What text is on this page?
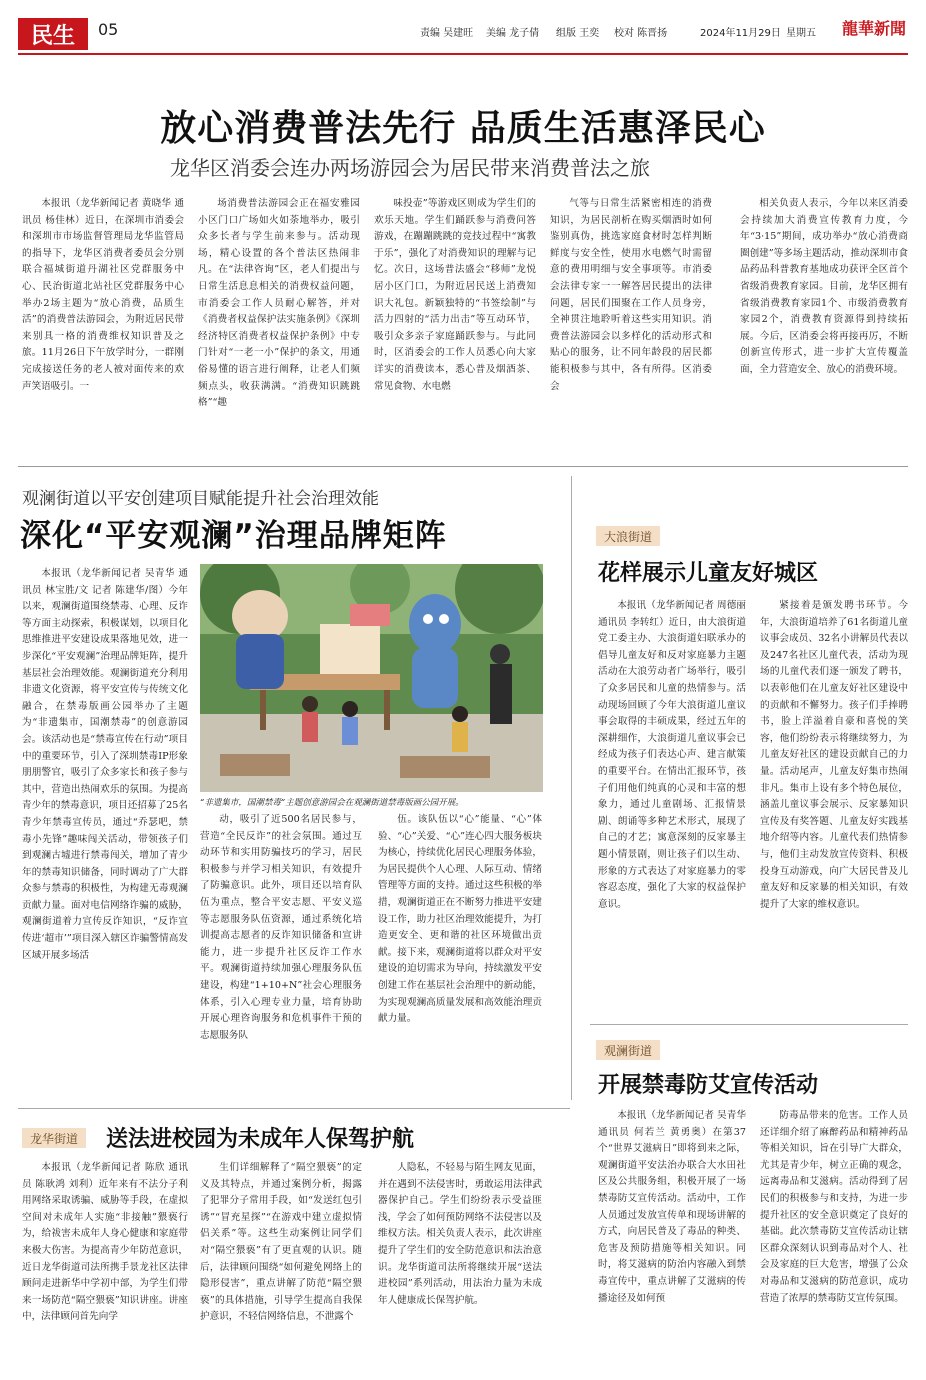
民生	05	责编 吴建旺 美编 龙子倩 组版 王奕 校对 陈晋扬	2024年11月29日 星期五 龍華新聞
放心消费普法先行 品质生活惠泽民心
龙华区消委会连办两场游园会为居民带来消费普法之旅

本报讯（龙华新闻记者 黄晓华 通讯员 杨佳林）近日，在深圳市消委会和深圳市市场监督管理局龙华监管局的指导下，龙华区消费者委员会分别联合福城街道丹湖社区党群服务中心、民治街道北站社区党群服务中心举办2场主题为“放心消费，品质生活”的消费普法游园会，为附近居民带来别具一格的消费维权知识普及之旅。11月26日下午放学时分，一群刚完成接送任务的老人被对面传来的欢声笑语吸引。一

场消费普法游园会正在福安雅园小区门口广场如火如荼地举办，吸引众多长者与学生前来参与。活动现场，精心设置的各个普法区热闹非凡。在“法律咨询”区，老人们提出与日常生活息息相关的消费权益问题，市消委会工作人员耐心解答，并对《消费者权益保护法实施条例》《深圳经济特区消费者权益保护条例》中专门针对“一老一小”保护的条文，用通俗易懂的语言进行阐释，让老人们频频点头，收获满满。“消费知识跳跳格”“趣

味投壶”等游戏区则成为学生们的欢乐天地。学生们踊跃参与消费问答游戏，在蹦蹦跳跳的竞技过程中“寓教于乐”，强化了对消费知识的理解与记忆。次日，这场普法盛会“移师”龙悦居小区门口，为附近居民送上消费知识大礼包。新颖独特的“书签绘制”与活力四射的“活力出击”等互动环节，吸引众多亲子家庭踊跃参与。与此同时，区消委会的工作人员悉心向大家详实的消费读本，悉心普及烟酒茶、常见食物、水电燃

气等与日常生活紧密相连的消费知识，为居民剖析在购买烟酒时如何鉴别真伪，挑选家庭食材时怎样判断鲜度与安全性，使用水电燃气时需留意的费用明细与安全事项等。市消委会法律专家一一解答居民提出的法律问题，居民们围聚在工作人员身旁，全神贯注地聆听着这些实用知识。消费普法游园会以多样化的活动形式和贴心的服务，让不同年龄段的居民都能积极参与其中，各有所得。区消委会

相关负责人表示，今年以来区消委会持续加大消费宣传教育力度，今年“3·15”期间，成功举办“放心消费商圈创建”等多场主题活动，推动深圳市食品药品科普教育基地成功获评全区首个省级消费教育家园。目前，龙华区拥有省级消费教育家园1个、市级消费教育家园2个，消费教育资源得到持续拓展。今后，区消委会将再接再厉，不断创新宣传形式，进一步扩大宣传覆盖面，全力营造安全、放心的消费环境。

观澜街道以平安创建项目赋能提升社会治理效能
深化“平安观澜”治理品牌矩阵

本报讯（龙华新闻记者 吴青华 通讯员 林宝胜/文 记者 陈建华/图）今年以来，观澜街道围绕禁毒、心理、反诈等方面主动探索，积极谋划，以项目化思维推进平安建设成果落地见效，进一步深化“平安观澜”治理品牌矩阵，提升基层社会治理效能。观澜街道充分利用非遗文化资源，将平安宣传与传统文化融合，在禁毒版画公园举办了主题为“非遗集市，国潮禁毒”的创意游园会。该活动也是“禁毒宣传在行动”项目中的重要环节，引入了深圳禁毒IP形象朋朋警官，吸引了众多家长和孩子参与其中，营造出热闹欢乐的氛围。为提高青少年的禁毒意识，项目还招募了25名青少年禁毒宣传员，通过“乔瑟吧，禁毒小先锋”趣味闯关活动，带领孩子们到观澜古墟进行禁毒闯关，增加了青少年的禁毒知识储备，同时调动了广大群众参与禁毒的积极性，为构建无毒观澜贡献力量。面对电信网络诈骗的威胁，观澜街道着力宣传反诈知识，“反诈宣传进‘超市’”项目深入辖区诈骗警情高发区域开展多场活

“非遗集市，国潮禁毒”主题创意游园会在观澜街道禁毒版画公园开展。

动，吸引了近500名居民参与，营造“全民反诈”的社会氛围。通过互动环节和实用防骗技巧的学习，居民积极参与并学习相关知识，有效提升了防骗意识。此外，项目还以培育队伍为重点，整合平安志愿、平安义巡等志愿服务队伍资源，通过系统化培训提高志愿者的反诈知识储备和宣讲能力，进一步提升社区反诈工作水平。观澜街道持续加强心理服务队伍建设，构建“1+10+N”社会心理服务体系，引入心理专业力量，培育协助开展心理咨询服务和危机事件干预的志愿服务队

伍。该队伍以“心”能量、“心”体验、“心”关爱、“心”连心四大服务板块为核心，持续优化居民心理服务体验，为居民提供个人心理、人际互动、情绪管理等方面的支持。通过这些积极的举措，观澜街道正在不断努力推进平安建设工作，助力社区治理效能提升，为打造更安全、更和谐的社区环境做出贡献。接下来，观澜街道将以群众对平安建设的迫切需求为导向，持续激发平安创建工作在基层社会治理中的新动能，为实现观澜高质量发展和高效能治理贡献力量。

大浪街道
花样展示儿童友好城区

本报讯（龙华新闻记者 周德丽 通讯员 李转红）近日，由大浪街道党工委主办、大浪街道妇联承办的倡导儿童友好和反对家庭暴力主题活动在大浪劳动者广场举行，吸引了众多居民和儿童的热情参与。活动现场回顾了今年大浪街道儿童议事会取得的丰硕成果，经过五年的深耕细作，大浪街道儿童议事会已经成为孩子们表达心声、建言献策的重要平台。在情出汇报环节，孩子们用他们纯真的心灵和丰富的想象力，通过儿童剧场、汇报情景剧、朗诵等多种艺术形式，展现了自己的才艺；寓意深刻的反家暴主题小情景剧，则让孩子们以生动、形象的方式表达了对家庭暴力的零容忍态度，强化了大家的权益保护意识。

紧接着是颁发聘书环节。今年，大浪街道培养了61名街道儿童议事会成员、32名小讲解员代表以及247名社区儿童代表，活动为现场的儿童代表们逐一颁发了聘书，以表彰他们在儿童友好社区建设中的贡献和不懈努力。孩子们手捧聘书，脸上洋溢着自豪和喜悦的笑容，他们纷纷表示将继续努力，为儿童友好社区的建设贡献自己的力量。活动尾声，儿童友好集市热闹非凡。集市上设有多个特色展位，涵盖儿童议事会展示、反家暴知识宣传及有奖答题、儿童友好实践基地介绍等内容。儿童代表们热情参与，他们主动发放宣传资料、积极投身互动游戏，向广大居民普及儿童友好和反家暴的相关知识，有效提升了大家的维权意识。

观澜街道
开展禁毒防艾宣传活动

本报讯（龙华新闻记者 吴青华 通讯员 何若兰 黄勇奥）在第37个“世界艾滋病日”即将到来之际，观澜街道平安法治办联合大水田社区及公共服务组，积极开展了一场禁毒防艾宣传活动。活动中，工作人员通过发放宣传单和现场讲解的方式，向居民普及了毒品的种类、危害及预防措施等相关知识。同时，将艾滋病的防治内容融入到禁毒宣传中，重点讲解了艾滋病的传播途径及如何预

防毒品带来的危害。工作人员还详细介绍了麻醉药品和精神药品等相关知识，旨在引导广大群众，尤其是青少年，树立正确的观念，远离毒品和艾滋病。活动得到了居民们的积极参与和支持，为进一步提升社区的安全意识奠定了良好的基础。此次禁毒防艾宣传活动让辖区群众深刻认识到毒品对个人、社会及家庭的巨大危害，增强了公众对毒品和艾滋病的防范意识，成功营造了浓厚的禁毒防艾宣传氛围。

龙华街道	送法进校园为未成年人保驾护航

本报讯（龙华新闻记者 陈欣 通讯员 陈耿鸿 刘利）近年来有不法分子利用网络采取诱骗、威胁等手段，在虚拟空间对未成年人实施“非接触”猥亵行为，给祓害未成年人身心健康和家庭带来极大伤害。为提高青少年防范意识，近日龙华街道司法所携手景龙社区法律顾问走进新华中学初中部，为学生们带来一场防范“隔空猥亵”知识讲座。讲座中，法律顾问首先向学

生们详细解释了“隔空猥亵”的定义及其特点，并通过案例分析，揭露了犯罪分子常用手段，如“发送红包引诱”“冒充星探”“在游戏中建立虚拟情侣关系”等。这些生动案例让同学们对“隔空猥亵”有了更直观的认识。随后，法律顾问围绕“如何避免网络上的隐形侵害”，重点讲解了防范“隔空猥亵”的具体措施，引导学生提高自我保护意识，不轻信网络信息，不泄露个

人隐私，不轻易与陌生网友见面，并在遇到不法侵害时，勇敢运用法律武器保护自己。学生们纷纷表示受益匪浅，学会了如何预防网络不法侵害以及维权方法。相关负责人表示，此次讲座提升了学生们的安全防范意识和法治意识。龙华街道司法所将继续开展“送法进校园”系列活动，用法治力量为未成年人健康成长保驾护航。
